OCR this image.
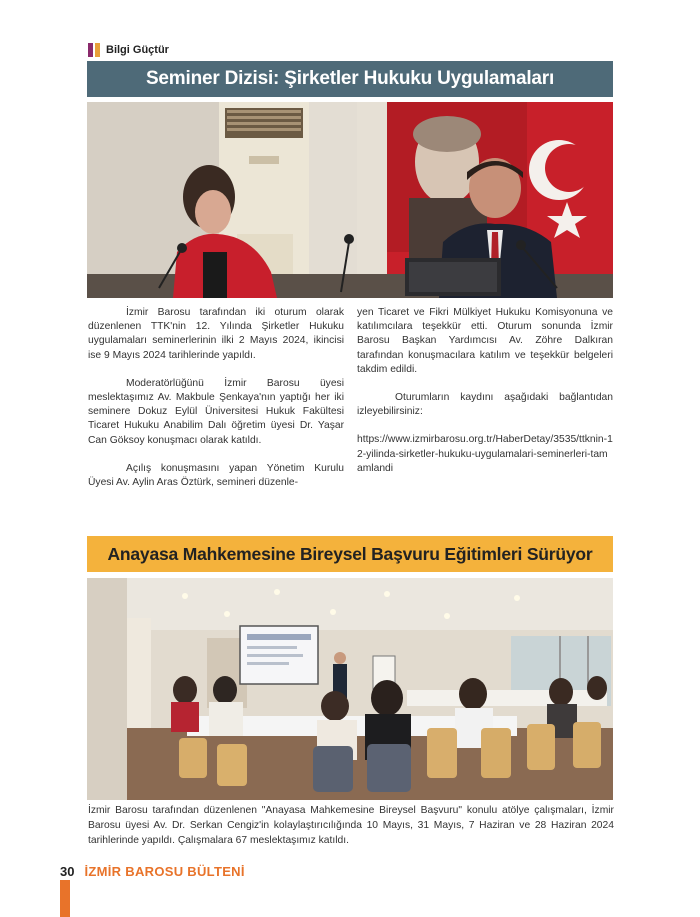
Bilgi Güçtür
Seminer Dizisi: Şirketler Hukuku Uygulamaları

İzmir Barosu tarafından iki oturum olarak düzenlenen TTK'nin 12. Yılında Şirketler Hukuku uygulamaları seminerlerinin ilki 2 Mayıs 2024, ikincisi ise 9 Mayıs 2024 tarihlerinde yapıldı.

Moderatörlüğünü İzmir Barosu üyesi meslektaşımız Av. Makbule Şenkaya'nın yaptığı her iki seminere Dokuz Eylül Üniversitesi Hukuk Fakültesi Ticaret Hukuku Anabilim Dalı öğretim üyesi Dr. Yaşar Can Göksoy konuşmacı olarak katıldı.

Açılış konuşmasını yapan Yönetim Kurulu Üyesi Av. Aylin Aras Öztürk, semineri düzenle-

yen Ticaret ve Fikri Mülkiyet Hukuku Komisyonuna ve katılımcılara teşekkür etti. Oturum sonunda İzmir Barosu Başkan Yardımcısı Av. Zöhre Dalkıran tarafından konuşmacılara katılım ve teşekkür belgeleri takdim edildi.

Oturumların kaydını aşağıdaki bağlantıdan izleyebilirsiniz:

https://www.izmirbarosu.org.tr/HaberDetay/3535/ttknin-12-yilinda-sirketler-hukuku-uygulamalari-seminerleri-tamamlandi

Anayasa Mahkemesine Bireysel Başvuru Eğitimleri Sürüyor

İzmir Barosu tarafından düzenlenen "Anayasa Mahkemesine Bireysel Başvuru" konulu atölye çalışmaları, İzmir Barosu üyesi Av. Dr. Serkan Cengiz'in kolaylaştırıcılığında 10 Mayıs, 31 Mayıs, 7 Haziran ve 28 Haziran 2024 tarihlerinde yapıldı. Çalışmalara 67 meslektaşımız katıldı.

30 İZMİR BAROSU BÜLTENİ
